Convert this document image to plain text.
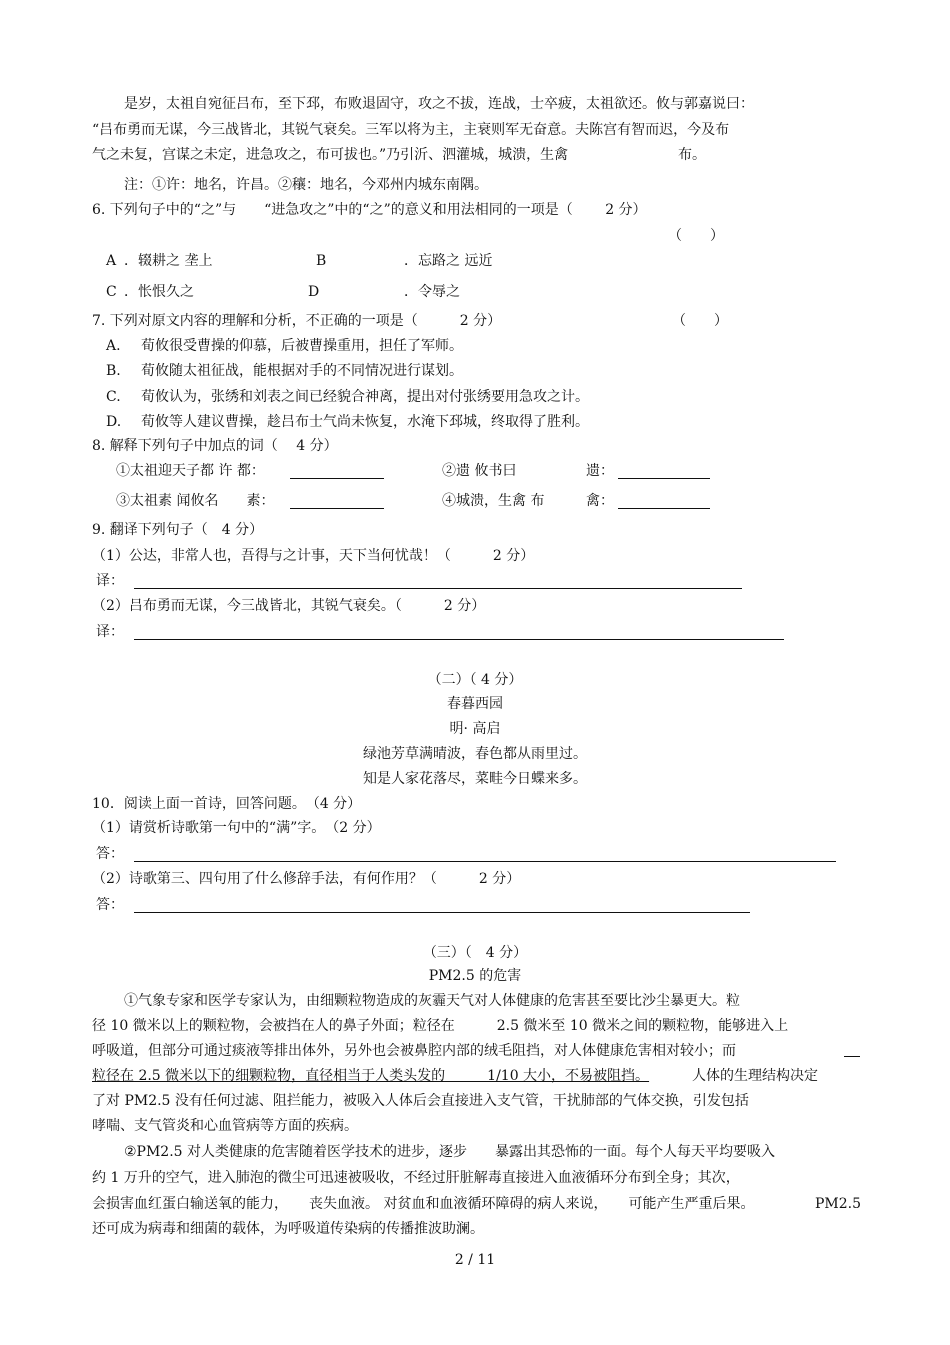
是岁，太祖自宛征吕布，至下邳，布败退固守，攻之不拔，连战，士卒疲，太祖欲还。攸与郭嘉说曰：
“吕布勇而无谋，今三战皆北，其锐气衰矣。三军以将为主，主衰则军无奋意。夫陈宫有智而迟，今及布
气之未复，宫谋之未定，进急攻之，布可拔也。”乃引沂、泗灌城，城溃，生禽	布。
注：①许：地名，许昌。②穰：地名，今邓州内城东南隅。
6. 下列句子中的“之”与　　“进急攻之”中的“之”的意义和用法相同的一项是（　　 2 分）
（　　）
A ．辍耕之 垄上	B	．忘路之 远近
C ．怅恨久之	D	．令辱之
7. 下列对原文内容的理解和分析，不正确的一项是（　　　2 分）	（　　）
A. 荀攸很受曹操的仰慕，后被曹操重用，担任了军师。
B. 荀攸随太祖征战，能根据对手的不同情况进行谋划。
C. 荀攸认为，张绣和刘表之间已经貌合神离，提出对付张绣要用急攻之计。
D. 荀攸等人建议曹操，趁吕布士气尚未恢复，水淹下邳城，终取得了胜利。
8. 解释下列句子中加点的词（　 4 分）
①太祖迎天子都 许 都：	②遗 攸书曰	遗：
③太祖素 闻攸名　　素：	④城溃，生禽 布	禽：
9. 翻译下列句子（　4 分）
（1）公达，非常人也，吾得与之计事，天下当何忧哉！（　　　2 分）
译：
（2）吕布勇而无谋，今三战皆北，其锐气衰矣。（　　　2 分）
译：
（二）（ 4 分）
春暮西园
明· 高启
绿池芳草满晴波，春色都从雨里过。
知是人家花落尽，菜畦今日蝶来多。
10．阅读上面一首诗，回答问题。　（4 分）
（1）请赏析诗歌第一句中的“满”字。　（2 分）
答：
（2）诗歌第三、四句用了什么修辞手法，有何作用？（　　　2 分）
答：
（三）（　4 分）
PM2.5 的危害
①气象专家和医学专家认为，由细颗粒物造成的灰霾天气对人体健康的危害甚至要比沙尘暴更大。粒
径 10 微米以上的颗粒物，会被挡在人的鼻子外面；粒径在　　　2.5 微米至 10 微米之间的颗粒物，能够进入上
呼吸道，但部分可通过痰液等排出体外，另外也会被鼻腔内部的绒毛阻挡，对人体健康危害相对较小；而
粒径在 2.5 微米以下的细颗粒物，直径相当于人类头发的　　　1/10 大小，不易被阻挡。	人体的生理结构决定
了对 PM2.5 没有任何过滤、阻拦能力，被吸入人体后会直接进入支气管，干扰肺部的气体交换，引发包括
哮喘、支气管炎和心血管病等方面的疾病。
②PM2.5 对人类健康的危害随着医学技术的进步，逐步　　暴露出其恐怖的一面。每个人每天平均要吸入
约 1 万升的空气，进入肺泡的微尘可迅速被吸收，不经过肝脏解毒直接进入血液循环分布到全身；其次，
会损害血红蛋白输送氧的能力，　　丧失血液。 对贫血和血液循环障碍的病人来说，　　可能产生严重后果。	PM2.5
还可成为病毒和细菌的载体，为呼吸道传染病的传播推波助澜。
2 / 11
